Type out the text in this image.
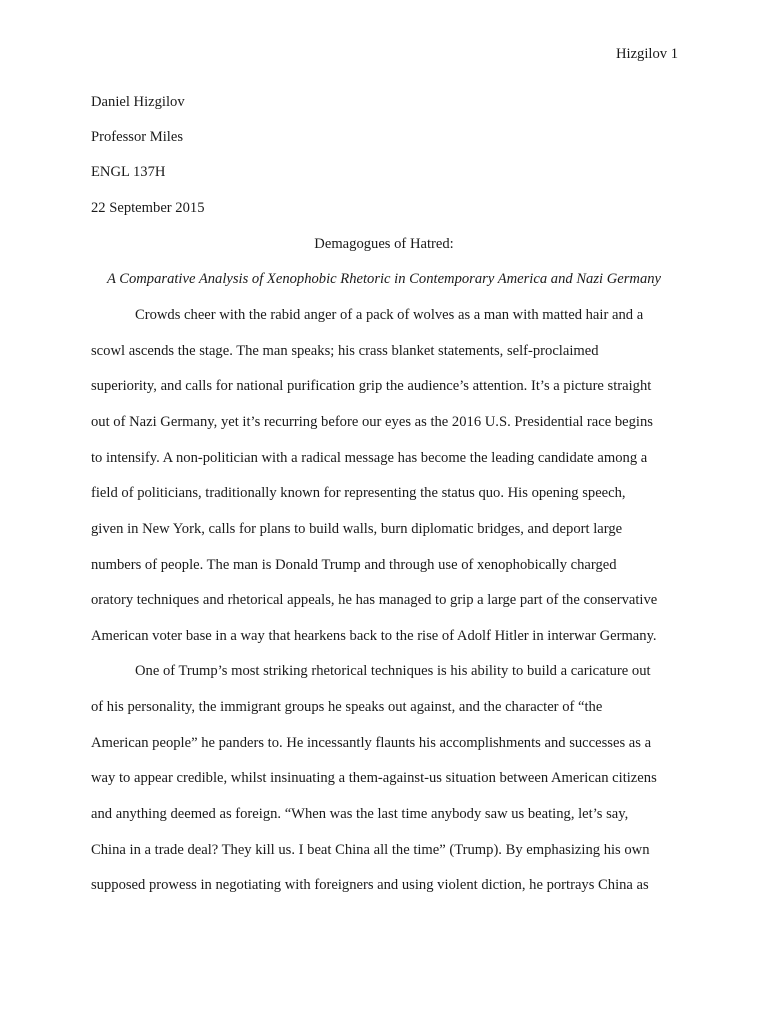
Hizgilov 1
Daniel Hizgilov
Professor Miles
ENGL 137H
22 September 2015
Demagogues of Hatred:
A Comparative Analysis of Xenophobic Rhetoric in Contemporary America and Nazi Germany
Crowds cheer with the rabid anger of a pack of wolves as a man with matted hair and a
scowl ascends the stage. The man speaks; his crass blanket statements, self-proclaimed
superiority, and calls for national purification grip the audience’s attention. It’s a picture straight
out of Nazi Germany, yet it’s recurring before our eyes as the 2016 U.S. Presidential race begins
to intensify. A non-politician with a radical message has become the leading candidate among a
field of politicians, traditionally known for representing the status quo. His opening speech,
given in New York, calls for plans to build walls, burn diplomatic bridges, and deport large
numbers of people. The man is Donald Trump and through use of xenophobically charged
oratory techniques and rhetorical appeals, he has managed to grip a large part of the conservative
American voter base in a way that hearkens back to the rise of Adolf Hitler in interwar Germany.
One of Trump’s most striking rhetorical techniques is his ability to build a caricature out
of his personality, the immigrant groups he speaks out against, and the character of “the
American people” he panders to. He incessantly flaunts his accomplishments and successes as a
way to appear credible, whilst insinuating a them-against-us situation between American citizens
and anything deemed as foreign. “When was the last time anybody saw us beating, let’s say,
China in a trade deal? They kill us. I beat China all the time” (Trump). By emphasizing his own
supposed prowess in negotiating with foreigners and using violent diction, he portrays China as
